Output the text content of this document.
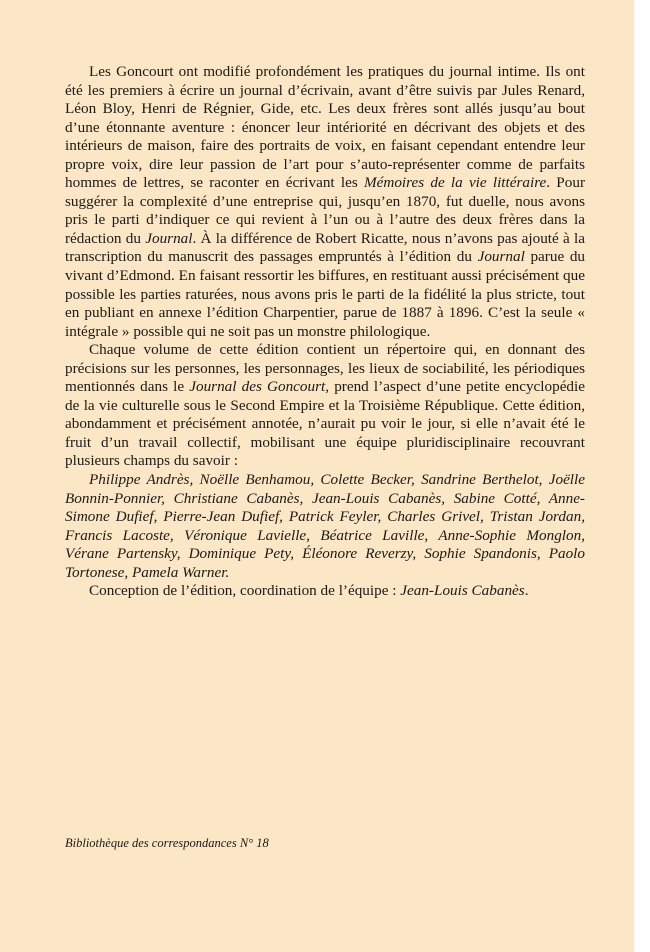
Les Goncourt ont modifié profondément les pratiques du journal intime. Ils ont été les premiers à écrire un journal d’écrivain, avant d’être suivis par Jules Renard, Léon Bloy, Henri de Régnier, Gide, etc. Les deux frères sont allés jusqu’au bout d’une étonnante aventure : énoncer leur intériorité en décrivant des objets et des intérieurs de maison, faire des portraits de voix, en faisant cependant entendre leur propre voix, dire leur passion de l’art pour s’auto-représenter comme de parfaits hommes de lettres, se raconter en écrivant les Mémoires de la vie littéraire. Pour suggérer la complexité d’une entreprise qui, jusqu’en 1870, fut duelle, nous avons pris le parti d’indiquer ce qui revient à l’un ou à l’autre des deux frères dans la rédaction du Journal. À la différence de Robert Ricatte, nous n’avons pas ajouté à la transcription du manuscrit des passages empruntés à l’édition du Journal parue du vivant d’Edmond. En faisant ressortir les biffures, en restituant aussi précisément que possible les parties raturées, nous avons pris le parti de la fidélité la plus stricte, tout en publiant en annexe l’édition Charpentier, parue de 1887 à 1896. C’est la seule « intégrale » possible qui ne soit pas un monstre philologique.

Chaque volume de cette édition contient un répertoire qui, en donnant des précisions sur les personnes, les personnages, les lieux de sociabilité, les périodiques mentionnés dans le Journal des Goncourt, prend l’aspect d’une petite encyclopédie de la vie culturelle sous le Second Empire et la Troisième République. Cette édition, abondamment et précisément annotée, n’aurait pu voir le jour, si elle n’avait été le fruit d’un travail collectif, mobilisant une équipe pluridisciplinaire recouvrant plusieurs champs du savoir :

Philippe Andrès, Noëlle Benhamou, Colette Becker, Sandrine Berthelot, Joëlle Bonnin-Ponnier, Christiane Cabanès, Jean-Louis Cabanès, Sabine Cotté, Anne-Simone Dufief, Pierre-Jean Dufief, Patrick Feyler, Charles Grivel, Tristan Jordan, Francis Lacoste, Véronique Lavielle, Béatrice Laville, Anne-Sophie Monglon, Vérane Partensky, Dominique Pety, Éléonore Reverzy, Sophie Spandonis, Paolo Tortonese, Pamela Warner.

Conception de l’édition, coordination de l’équipe : Jean-Louis Cabanès.

Bibliothèque des correspondances N° 18
